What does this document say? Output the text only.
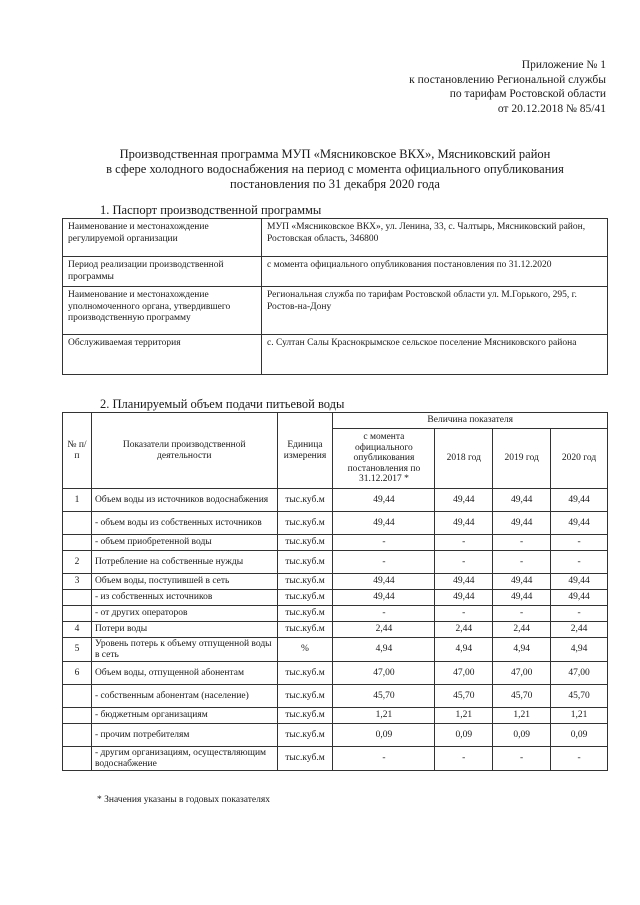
Приложение № 1
к постановлению Региональной службы
по тарифам Ростовской области
от 20.12.2018 № 85/41
Производственная программа МУП «Мясниковское ВКХ», Мясниковский район
в сфере холодного водоснабжения на период с момента официального опубликования
постановления по 31 декабря 2020 года
1. Паспорт производственной программы
Наименование и местонахождение регулируемой организации	МУП «Мясниковское ВКХ», ул. Ленина, 33, с. Чалтырь, Мясниковский район, Ростовская область, 346800
Период реализации производственной программы	с момента официального опубликования постановления по 31.12.2020
Наименование и местонахождение уполномоченного органа, утвердившего производственную программу	Региональная служба по тарифам Ростовской области ул. М.Горького, 295, г. Ростов-на-Дону
Обслуживаемая территория	с. Султан Салы Краснокрымское сельское поселение Мясниковского района
2. Планируемый объем подачи питьевой воды
№ п/п	Показатели производственной деятельности	Единица измерения	Величина показателя			
			с момента официального опубликования постановления по 31.12.2017 *	2018 год	2019 год	2020 год
1	Объем воды из источников водоснабжения	тыс.куб.м	49,44	49,44	49,44	49,44
	- объем воды из собственных источников	тыс.куб.м	49,44	49,44	49,44	49,44
	- объем приобретенной воды	тыс.куб.м	-	-	-	-
2	Потребление на собственные нужды	тыс.куб.м	-	-	-	-
3	Объем воды, поступившей в сеть	тыс.куб.м	49,44	49,44	49,44	49,44
	- из собственных источников	тыс.куб.м	49,44	49,44	49,44	49,44
	- от других операторов	тыс.куб.м	-	-	-	-
4	Потери воды	тыс.куб.м	2,44	2,44	2,44	2,44
5	Уровень потерь к объему отпущенной воды в сеть	%	4,94	4,94	4,94	4,94
6	Объем воды, отпущенной абонентам	тыс.куб.м	47,00	47,00	47,00	47,00
	- собственным абонентам (население)	тыс.куб.м	45,70	45,70	45,70	45,70
	- бюджетным организациям	тыс.куб.м	1,21	1,21	1,21	1,21
	- прочим потребителям	тыс.куб.м	0,09	0,09	0,09	0,09
	- другим организациям, осуществляющим водоснабжение	тыс.куб.м	-	-	-	-
* Значения указаны в годовых показателях
